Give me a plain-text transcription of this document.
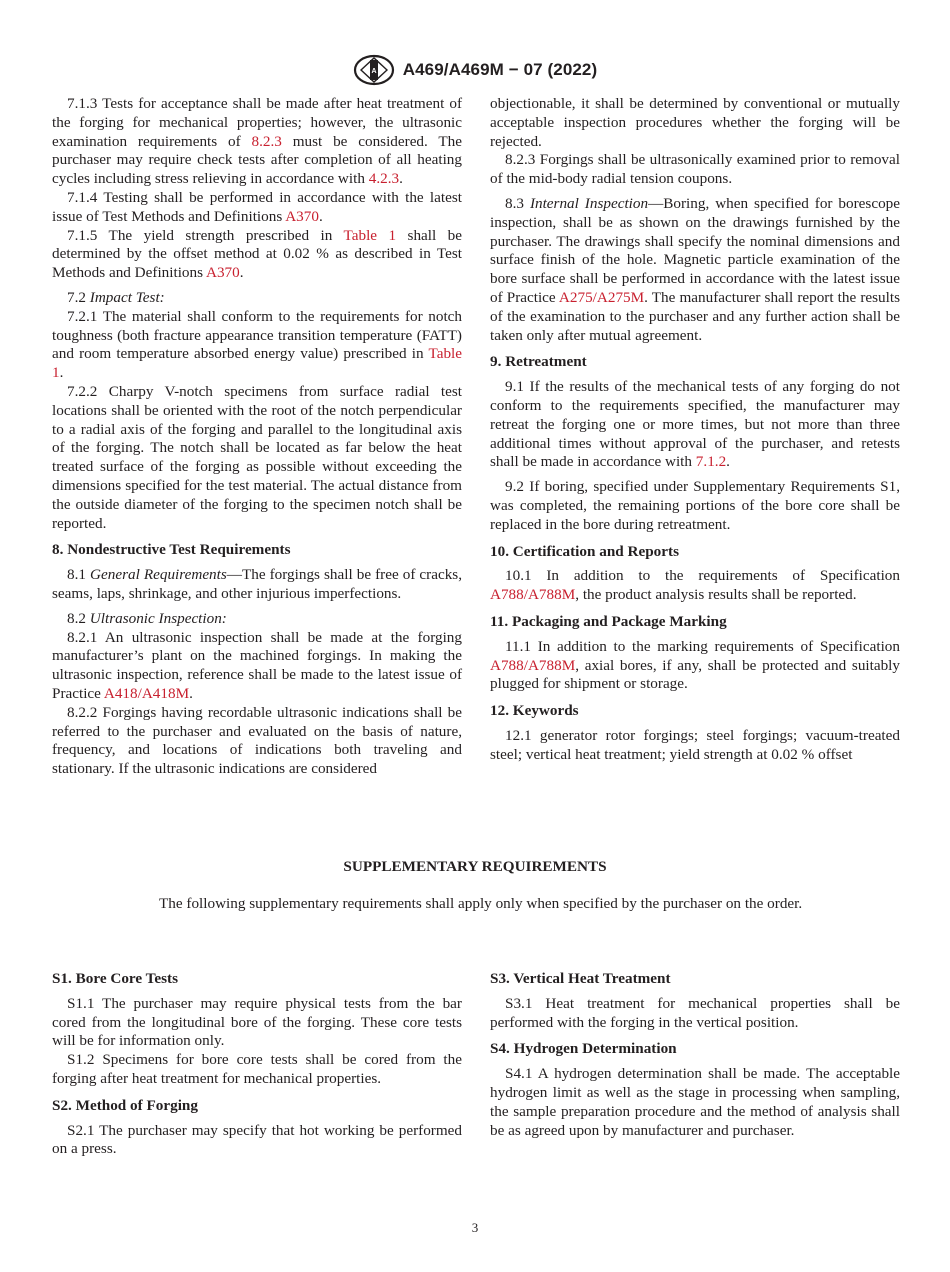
A A469/A469M − 07 (2022)

7.1.3 Tests for acceptance shall be made after heat treatment of the forging for mechanical properties; however, the ultrasonic examination requirements of 8.2.3 must be considered. The purchaser may require check tests after completion of all heating cycles including stress relieving in accordance with 4.2.3.

7.1.4 Testing shall be performed in accordance with the latest issue of Test Methods and Definitions A370.

7.1.5 The yield strength prescribed in Table 1 shall be determined by the offset method at 0.02 % as described in Test Methods and Definitions A370.

7.2 Impact Test:

7.2.1 The material shall conform to the requirements for notch toughness (both fracture appearance transition temperature (FATT) and room temperature absorbed energy value) prescribed in Table 1.

7.2.2 Charpy V-notch specimens from surface radial test locations shall be oriented with the root of the notch perpendicular to a radial axis of the forging and parallel to the longitudinal axis of the forging. The notch shall be located as far below the heat treated surface of the forging as possible without exceeding the dimensions specified for the test material. The actual distance from the outside diameter of the forging to the specimen notch shall be reported.

8. Nondestructive Test Requirements

8.1 General Requirements—The forgings shall be free of cracks, seams, laps, shrinkage, and other injurious imperfections.

8.2 Ultrasonic Inspection:

8.2.1 An ultrasonic inspection shall be made at the forging manufacturer’s plant on the machined forgings. In making the ultrasonic inspection, reference shall be made to the latest issue of Practice A418/A418M.

8.2.2 Forgings having recordable ultrasonic indications shall be referred to the purchaser and evaluated on the basis of nature, frequency, and locations of indications both traveling and stationary. If the ultrasonic indications are considered

objectionable, it shall be determined by conventional or mutually acceptable inspection procedures whether the forging will be rejected.

8.2.3 Forgings shall be ultrasonically examined prior to removal of the mid-body radial tension coupons.

8.3 Internal Inspection—Boring, when specified for borescope inspection, shall be as shown on the drawings furnished by the purchaser. The drawings shall specify the nominal dimensions and surface finish of the hole. Magnetic particle examination of the bore surface shall be performed in accordance with the latest issue of Practice A275/A275M. The manufacturer shall report the results of the examination to the purchaser and any further action shall be taken only after mutual agreement.

9. Retreatment

9.1 If the results of the mechanical tests of any forging do not conform to the requirements specified, the manufacturer may retreat the forging one or more times, but not more than three additional times without approval of the purchaser, and retests shall be made in accordance with 7.1.2.

9.2 If boring, specified under Supplementary Requirements S1, was completed, the remaining portions of the bore core shall be replaced in the bore during retreatment.

10. Certification and Reports

10.1 In addition to the requirements of Specification A788/A788M, the product analysis results shall be reported.

11. Packaging and Package Marking

11.1 In addition to the marking requirements of Specification A788/A788M, axial bores, if any, shall be protected and suitably plugged for shipment or storage.

12. Keywords

12.1 generator rotor forgings; steel forgings; vacuum-treated steel; vertical heat treatment; yield strength at 0.02 % offset

SUPPLEMENTARY REQUIREMENTS
The following supplementary requirements shall apply only when specified by the purchaser on the order.
S1. Bore Core Tests

S1.1 The purchaser may require physical tests from the bar cored from the longitudinal bore of the forging. These core tests will be for information only.

S1.2 Specimens for bore core tests shall be cored from the forging after heat treatment for mechanical properties.

S2. Method of Forging

S2.1 The purchaser may specify that hot working be performed on a press.

S3. Vertical Heat Treatment

S3.1 Heat treatment for mechanical properties shall be performed with the forging in the vertical position.

S4. Hydrogen Determination

S4.1 A hydrogen determination shall be made. The acceptable hydrogen limit as well as the stage in processing when sampling, the sample preparation procedure and the method of analysis shall be as agreed upon by manufacturer and purchaser.

3
